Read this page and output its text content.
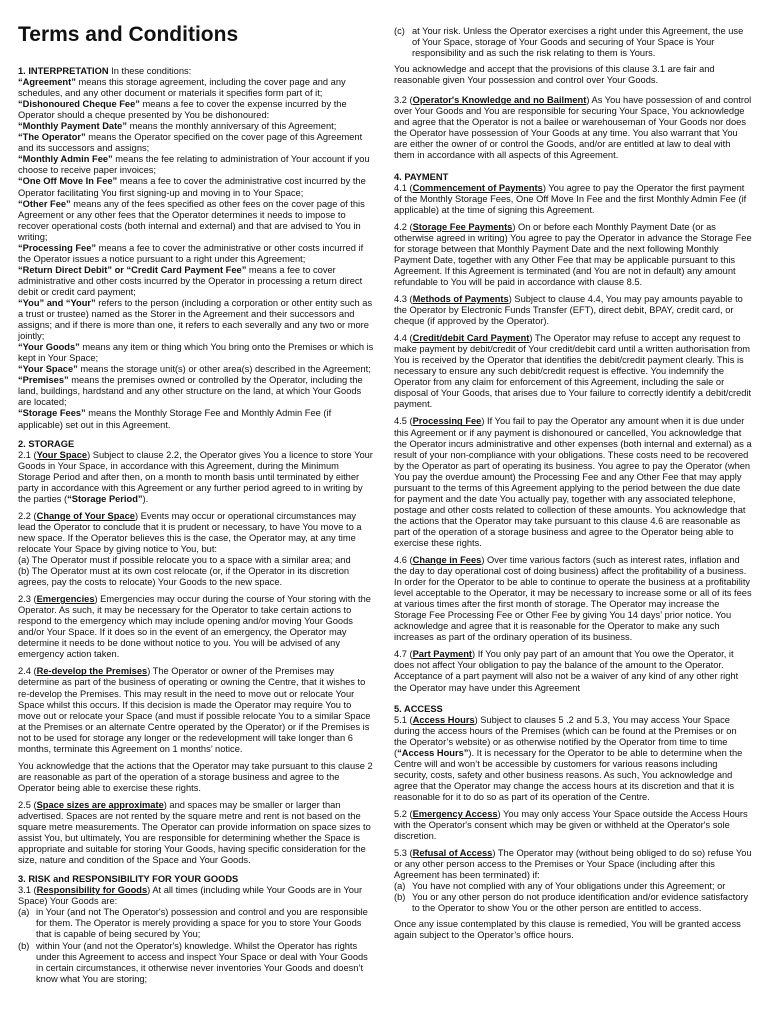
Terms and Conditions

1. INTERPRETATION In these conditions:

“Agreement” means this storage agreement, including the cover page and any schedules, and any other document or materials it specifies form part of it;

“Dishonoured Cheque Fee” means a fee to cover the expense incurred by the Operator should a cheque presented by You be dishonoured:

“Monthly Payment Date” means the monthly anniversary of this Agreement;

“The Operator” means the Operator specified on the cover page of this Agreement and its successors and assigns;

“Monthly Admin Fee” means the fee relating to administration of Your account if you choose to receive paper invoices;

“One Off Move In Fee” means a fee to cover the administrative cost incurred by the Operator facilitating You first signing-up and moving in to Your Space;

“Other Fee” means any of the fees specified as other fees on the cover page of this Agreement or any other fees that the Operator determines it needs to impose to recover operational costs (both internal and external) and that are advised to You in writing;

“Processing Fee” means a fee to cover the administrative or other costs incurred if the Operator issues a notice pursuant to a right under this Agreement;

“Return Direct Debit” or “Credit Card Payment Fee” means a fee to cover administrative and other costs incurred by the Operator in processing a return direct debit or credit card payment;

“You” and “Your” refers to the person (including a corporation or other entity such as a trust or trustee) named as the Storer in the Agreement and their successors and assigns; and if there is more than one, it refers to each severally and any two or more jointly;

“Your Goods” means any item or thing which You bring onto the Premises or which is kept in Your Space;

“Your Space” means the storage unit(s) or other area(s) described in the Agreement;

“Premises” means the premises owned or controlled by the Operator, including the land, buildings, hardstand and any other structure on the land, at which Your Goods are located;

“Storage Fees” means the Monthly Storage Fee and Monthly Admin Fee (if applicable) set out in this Agreement.

2. STORAGE

2.1 (Your Space) Subject to clause 2.2, the Operator gives You a licence to store Your Goods in Your Space, in accordance with this Agreement, during the Minimum Storage Period and after then, on a month to month basis until terminated by either party in accordance with this Agreement or any further period agreed to in writing by the parties (“Storage Period”).

2.2 (Change of Your Space) Events may occur or operational circumstances may lead the Operator to conclude that it is prudent or necessary, to have You move to a new space. If the Operator believes this is the case, the Operator may, at any time relocate Your Space by giving notice to You, but:

(a) The Operator must if possible relocate you to a space with a similar area; and

(b) The Operator must at its own cost relocate (or, if the Operator in its discretion agrees, pay the costs to relocate) Your Goods to the new space.

2.3 (Emergencies) Emergencies may occur during the course of Your storing with the Operator. As such, it may be necessary for the Operator to take certain actions to respond to the emergency which may include opening and/or moving Your Goods and/or Your Space. If it does so in the event of an emergency, the Operator may determine it needs to be done without notice to you. You will be advised of any emergency action taken.

2.4 (Re-develop the Premises) The Operator or owner of the Premises may determine as part of the business of operating or owning the Centre, that it wishes to re-develop the Premises. This may result in the need to move out or relocate Your Space whilst this occurs. If this decision is made the Operator may require You to move out or relocate your Space (and must if possible relocate You to a similar Space at the Premises or an alternate Centre operated by the Operator) or if the Premises is not to be used for storage any longer or the redevelopment will take longer than 6 months, terminate this Agreement on 1 months’ notice.

You acknowledge that the actions that the Operator may take pursuant to this clause 2 are reasonable as part of the operation of a storage business and agree to the Operator being able to exercise these rights.

2.5 (Space sizes are approximate) and spaces may be smaller or larger than advertised. Spaces are not rented by the square metre and rent is not based on the square metre measurements. The Operator can provide information on space sizes to assist You, but ultimately, You are responsible for determining whether the Space is appropriate and suitable for storing Your Goods, having specific consideration for the size, nature and condition of the Space and Your Goods.

3. RISK and RESPONSIBILITY FOR YOUR GOODS

3.1 (Responsibility for Goods) At all times (including while Your Goods are in Your Space) Your Goods are:

(a) in Your (and not The Operator's) possession and control and you are responsible for them. The Operator is merely providing a space for you to store Your Goods that is capable of being secured by You;
(b) within Your (and not the Operator's) knowledge. Whilst the Operator has rights under this Agreement to access and inspect Your Space or deal with Your Goods in certain circumstances, it otherwise never inventories Your Goods and doesn’t know what You are storing;
(c) at Your risk. Unless the Operator exercises a right under this Agreement, the use of Your Space, storage of Your Goods and securing of Your Space is Your responsibility and as such the risk relating to them is Yours.

You acknowledge and accept that the provisions of this clause 3.1 are fair and reasonable given Your possession and control over Your Goods.

3.2 (Operator's Knowledge and no Bailment) As You have possession of and control over Your Goods and You are responsible for securing Your Space, You acknowledge and agree that the Operator is not a bailee or warehouseman of Your Goods nor does the Operator have possession of Your Goods at any time. You also warrant that You are either the owner of or control the Goods, and/or are entitled at law to deal with them in accordance with all aspects of this Agreement.

4. PAYMENT

4.1 (Commencement of Payments) You agree to pay the Operator the first payment of the Monthly Storage Fees, One Off Move In Fee and the first Monthly Admin Fee (if applicable) at the time of signing this Agreement.

4.2 (Storage Fee Payments) On or before each Monthly Payment Date (or as otherwise agreed in writing) You agree to pay the Operator in advance the Storage Fee for storage between that Monthly Payment Date and the next following Monthly Payment Date, together with any Other Fee that may be applicable pursuant to this Agreement. If this Agreement is terminated (and You are not in default) any amount refundable to You will be paid in accordance with clause 8.5.

4.3 (Methods of Payments) Subject to clause 4.4, You may pay amounts payable to the Operator by Electronic Funds Transfer (EFT), direct debit, BPAY, credit card, or cheque (if approved by the Operator).

4.4 (Credit/debit Card Payment) The Operator may refuse to accept any request to make payment by debit/credit of Your credit/debit card until a written authorisation from You is received by the Operator that identifies the debit/credit payment clearly. This is necessary to ensure any such debit/credit request is effective. You indemnify the Operator from any claim for enforcement of this Agreement, including the sale or disposal of Your Goods, that arises due to Your failure to correctly identify a debit/credit payment.

4.5 (Processing Fee) If You fail to pay the Operator any amount when it is due under this Agreement or if any payment is dishonoured or cancelled, You acknowledge that the Operator incurs administrative and other expenses (both internal and external) as a result of your non-compliance with your obligations. These costs need to be recovered by the Operator as part of operating its business. You agree to pay the Operator (when You pay the overdue amount) the Processing Fee and any Other Fee that may apply pursuant to the terms of this Agreement applying to the period between the due date for payment and the date You actually pay, together with any associated telephone, postage and other costs related to collection of these amounts. You acknowledge that the actions that the Operator may take pursuant to this clause 4.6 are reasonable as part of the operation of a storage business and agree to the Operator being able to exercise these rights.

4.6 (Change in Fees) Over time various factors (such as interest rates, inflation and the day to day operational cost of doing business) affect the profitability of a business. In order for the Operator to be able to continue to operate the business at a profitability level acceptable to the Operator, it may be necessary to increase some or all of its fees at various times after the first month of storage. The Operator may increase the Storage Fee Processing Fee or Other Fee by giving You 14 days’ prior notice. You acknowledge and agree that it is reasonable for the Operator to make any such increases as part of the ordinary operation of its business.

4.7 (Part Payment) If You only pay part of an amount that You owe the Operator, it does not affect Your obligation to pay the balance of the amount to the Operator. Acceptance of a part payment will also not be a waiver of any kind of any other right the Operator may have under this Agreement

5. ACCESS

5.1 (Access Hours) Subject to clauses 5 .2 and 5.3, You may access Your Space during the access hours of the Premises (which can be found at the Premises or on the Operator’s website) or as otherwise notified by the Operator from time to time (“Access Hours”). It is necessary for the Operator to be able to determine when the Centre will and won’t be accessible by customers for various reasons including security, costs, safety and other business reasons. As such, You acknowledge and agree that the Operator may change the access hours at its discretion and that it is reasonable for it to do so as part of its operation of the Centre.

5.2 (Emergency Access) You may only access Your Space outside the Access Hours with the Operator's consent which may be given or withheld at the Operator's sole discretion.

5.3 (Refusal of Access) The Operator may (without being obliged to do so) refuse You or any other person access to the Premises or Your Space (including after this Agreement has been terminated) if:

(a) You have not complied with any of Your obligations under this Agreement; or
(b) You or any other person do not produce identification and/or evidence satisfactory to the Operator to show You or the other person are entitled to access.

Once any issue contemplated by this clause is remedied, You will be granted access again subject to the Operator’s office hours.
